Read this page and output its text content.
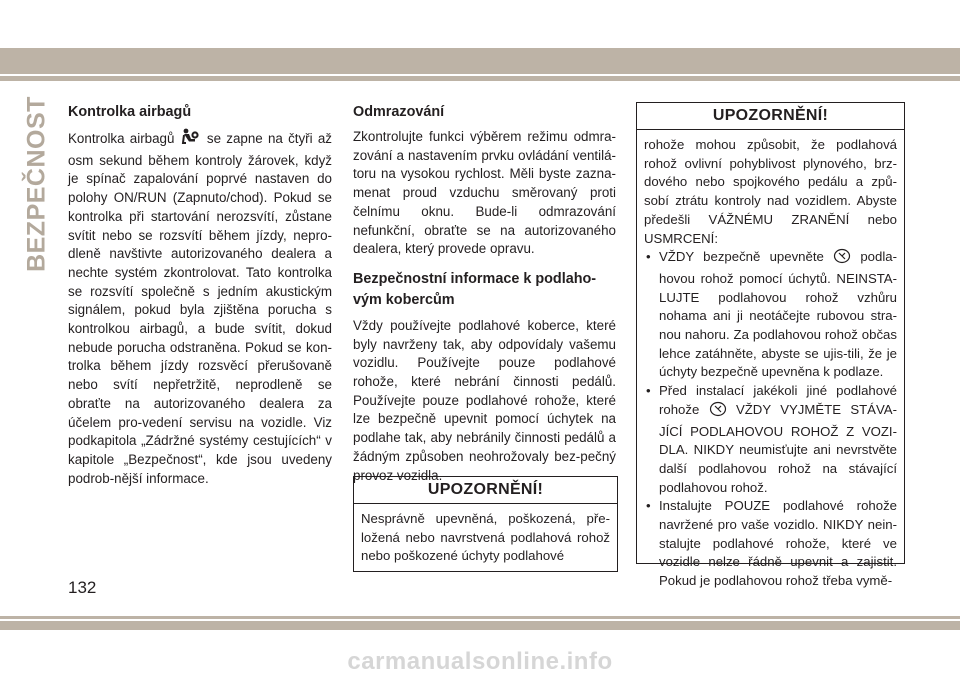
BEZPEČNOST Kontrolka airbagů

Kontrolka airbagů se zapne na čtyři až osm sekund během kontroly žárovek, když je spínač zapalování poprvé nastaven do polohy ON/RUN (Zapnuto/chod). Pokud se kontrolka při startování nerozsvítí, zůstane svítit nebo se rozsvítí během jízdy, nepro-dleně navštivte autorizovaného dealera a nechte systém zkontrolovat. Tato kontrolka se rozsvítí společně s jedním akustickým signálem, pokud byla zjištěna porucha s kontrolkou airbagů, a bude svítit, dokud nebude porucha odstraněna. Pokud se kon-trolka během jízdy rozsvěcí přerušovaně nebo svítí nepřetržitě, neprodleně se obraťte na autorizovaného dealera za účelem pro-vedení servisu na vozidle. Viz podkapitola „Zádržné systémy cestujících“ v kapitole „Bezpečnost“, kde jsou uvedeny podrob-nější informace.

Odmrazování

Zkontrolujte funkci výběrem režimu odmra-zování a nastavením prvku ovládání ventilá-toru na vysokou rychlost. Měli byste zazna-menat proud vzduchu směrovaný proti čelnímu oknu. Bude-li odmrazování nefunkční, obraťte se na autorizovaného dealera, který provede opravu.

Bezpečnostní informace k podlaho-vým kobercům

Vždy používejte podlahové koberce, které byly navrženy tak, aby odpovídaly vašemu vozidlu. Používejte pouze podlahové rohože, které nebrání činnosti pedálů. Používejte pouze podlahové rohože, které lze bezpečně upevnit pomocí úchytek na podlahe tak, aby nebránily činnosti pedálů a žádným způsoben neohrožovaly bez-pečný provoz vozidla.

UPOZORNĚNÍ!
Nesprávně upevněná, poškozená, pře-ložená nebo navrstvená podlahová rohož nebo poškozené úchyty podlahové
UPOZORNĚNÍ!
rohože mohou způsobit, že podlahová rohož ovlivní pohyblivost plynového, brz-dového nebo spojkového pedálu a způ-sobí ztrátu kontroly nad vozidlem. Abyste předešli VÁŽNÉMU ZRANĚNÍ nebo USMRCENÍ:
• VŽDY bezpečně upevněte	podla-hovou rohož pomocí úchytů. NEINSTA-LUJTE podlahovou rohož vzhůru nohama ani ji neotáčejte rubovou stra-nou nahoru. Za podlahovou rohož občas lehce zatáhněte, abyste se ujis-tili, že je úchyty bezpečně upevněna k podlaze.
• Před instalací jakékoli jiné podlahové rohože	VŽDY VYJMĚTE STÁVA-JÍCÍ PODLAHOVOU ROHOŽ Z VOZI-DLA. NIKDY neumisťujte ani nevrstvěte další podlahovou rohož na stávající podlahovou rohož.
• Instalujte POUZE podlahové rohože navržené pro vaše vozidlo. NIKDY nein-stalujte podlahové rohože, které ve vozidle nelze řádně upevnit a zajistit. Pokud je podlahovou rohož třeba vymě-
132
carmanualsonline.info
